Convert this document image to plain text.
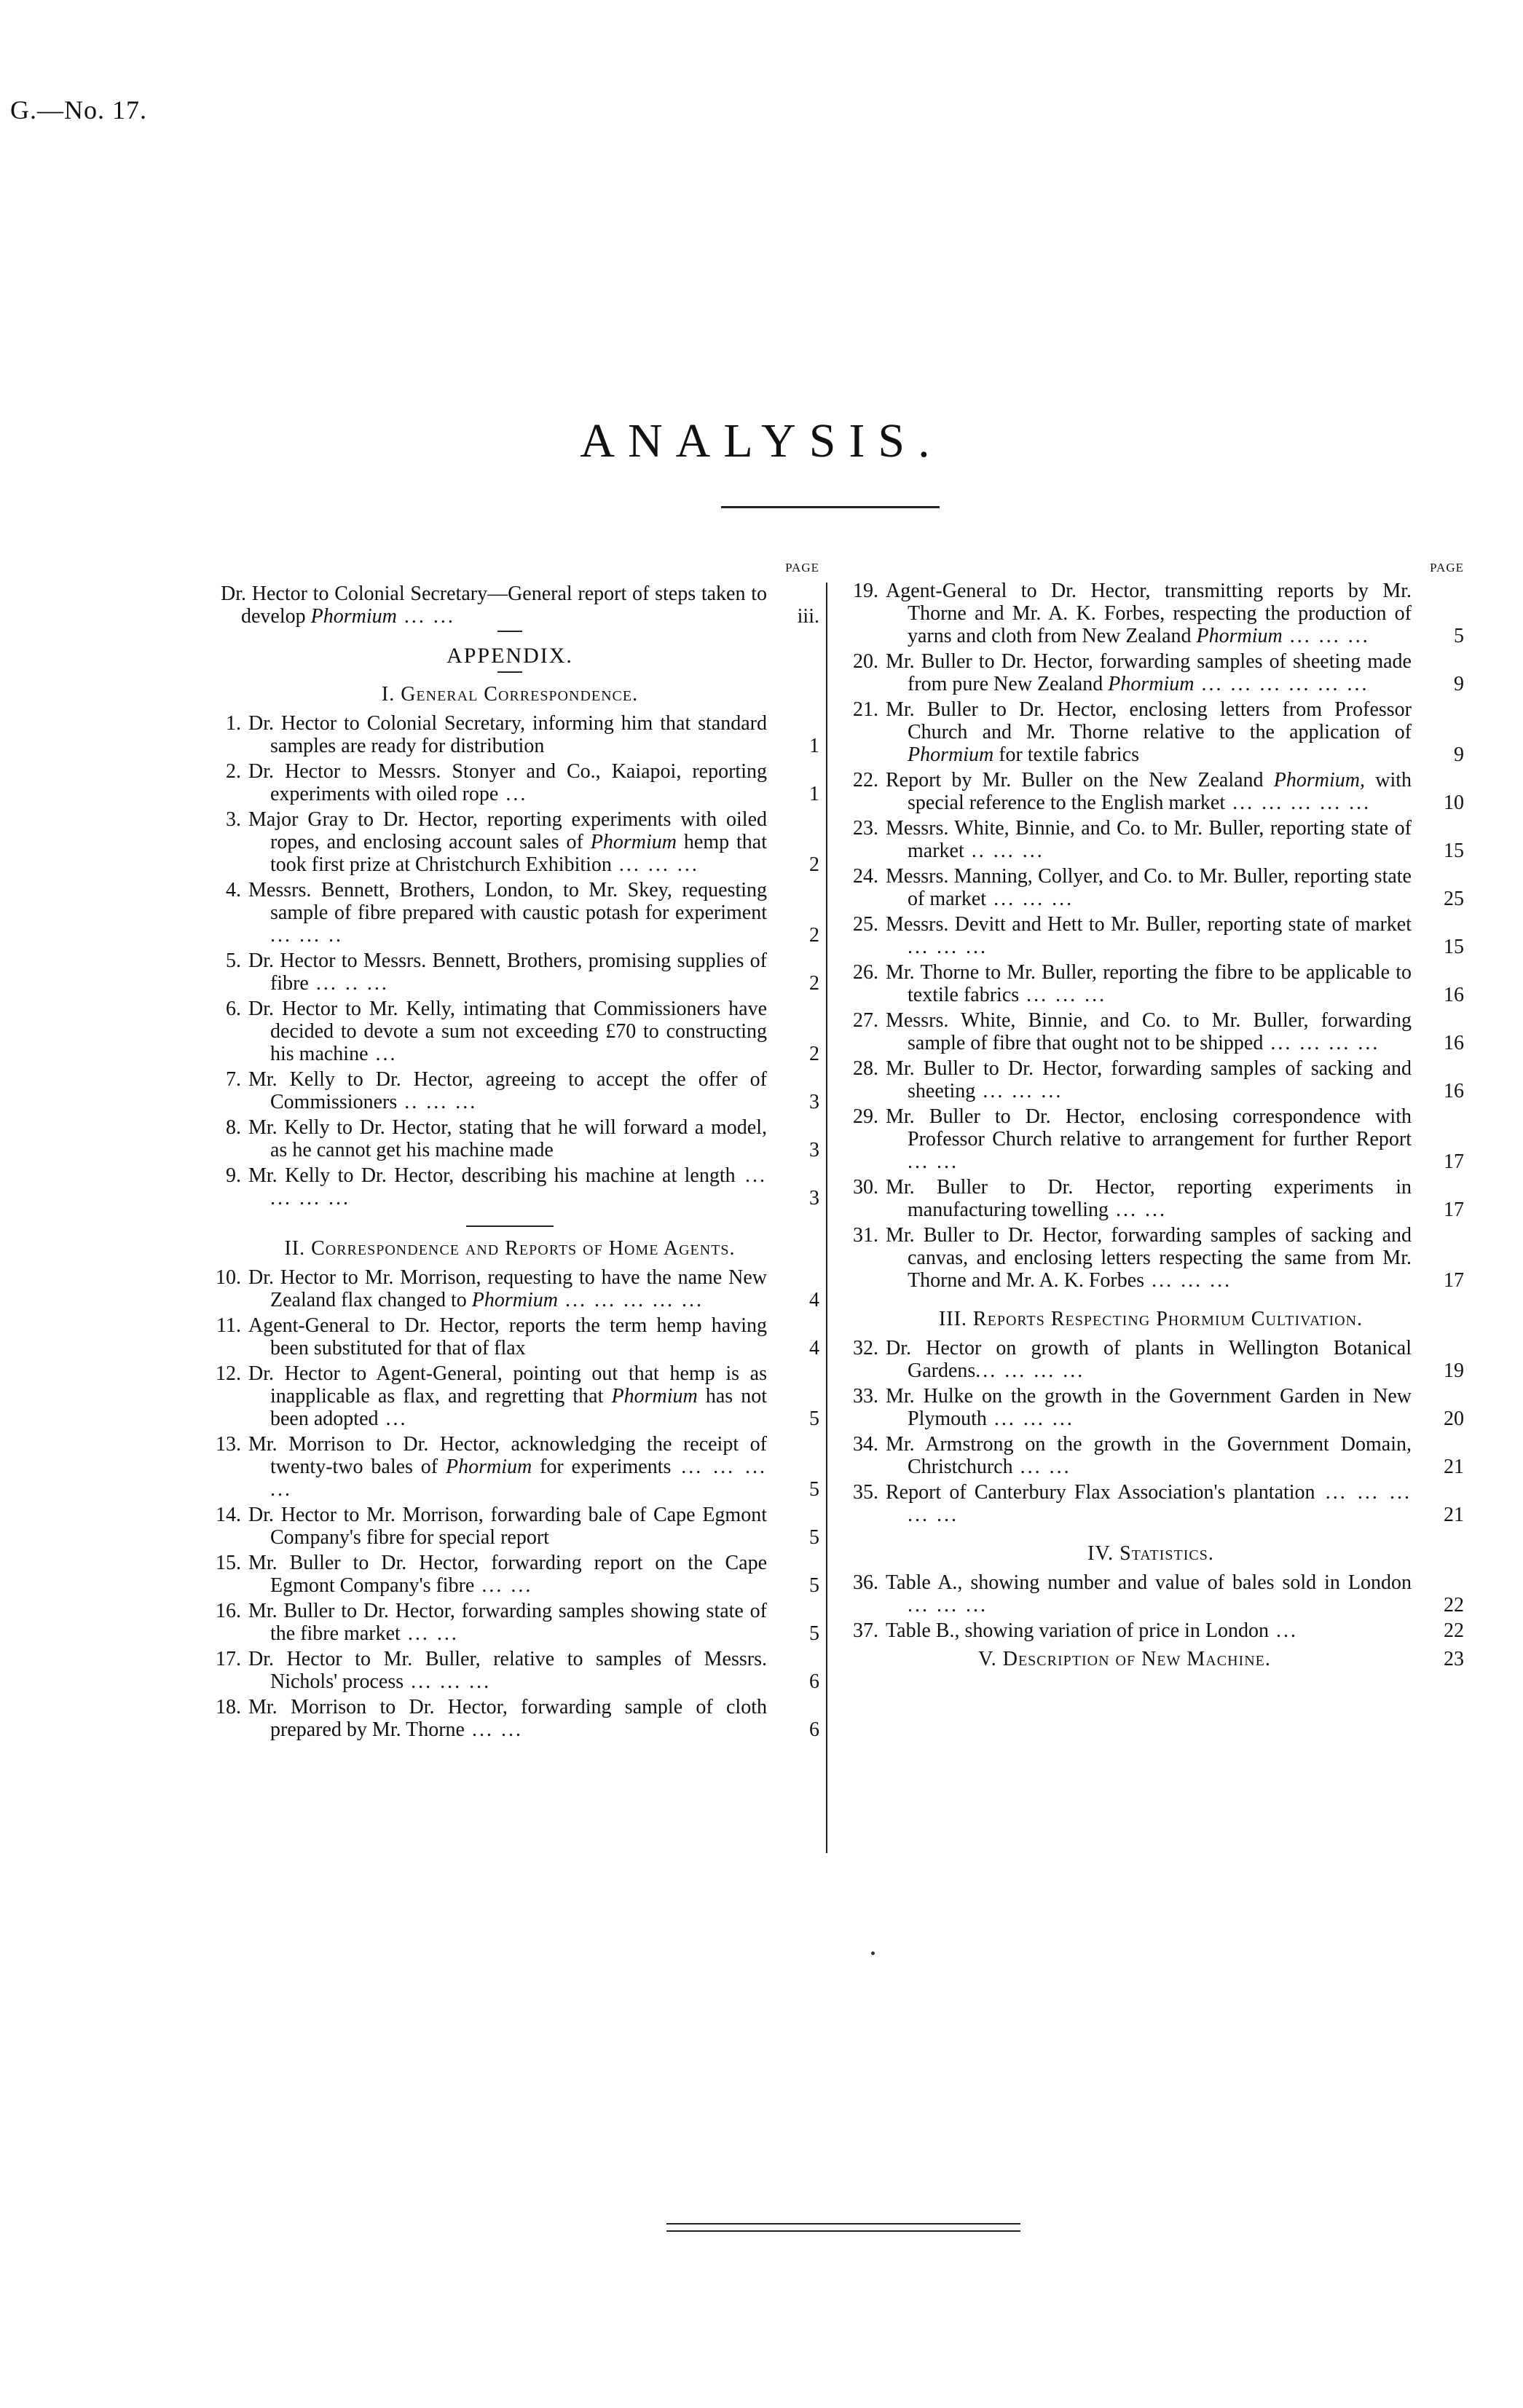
G.—No. 17.
ANALYSIS.
PAGE
Dr. Hector to Colonial Secretary—General report of steps taken to develop Phormium ... ...	iii.
APPENDIX.
I. General Correspondence.
1. Dr. Hector to Colonial Secretary, informing him that standard samples are ready for distribution	1
2. Dr. Hector to Messrs. Stonyer and Co., Kaiapoi, reporting experiments with oiled rope ...	1
3. Major Gray to Dr. Hector, reporting experiments with oiled ropes, and enclosing account sales of Phormium hemp that took first prize at Christchurch Exhibition ... ... ...	2
4. Messrs. Bennett, Brothers, London, to Mr. Skey, requesting sample of fibre prepared with caustic potash for experiment ... ... ..	2
5. Dr. Hector to Messrs. Bennett, Brothers, promising supplies of fibre ... .. ...	2
6. Dr. Hector to Mr. Kelly, intimating that Commissioners have decided to devote a sum not exceeding £70 to constructing his machine ...	2
7. Mr. Kelly to Dr. Hector, agreeing to accept the offer of Commissioners .. ... ...	3
8. Mr. Kelly to Dr. Hector, stating that he will forward a model, as he cannot get his machine made	3
9. Mr. Kelly to Dr. Hector, describing his machine at length ... ... ... ...	3
II. Correspondence and Reports of Home Agents.
10. Dr. Hector to Mr. Morrison, requesting to have the name New Zealand flax changed to Phormium ... ... ... ... ...	4
11. Agent-General to Dr. Hector, reports the term hemp having been substituted for that of flax	4
12. Dr. Hector to Agent-General, pointing out that hemp is as inapplicable as flax, and regretting that Phormium has not been adopted ...	5
13. Mr. Morrison to Dr. Hector, acknowledging the receipt of twenty-two bales of Phormium for experiments ... ... ... ...	5
14. Dr. Hector to Mr. Morrison, forwarding bale of Cape Egmont Company's fibre for special report	5
15. Mr. Buller to Dr. Hector, forwarding report on the Cape Egmont Company's fibre ... ...	5
16. Mr. Buller to Dr. Hector, forwarding samples showing state of the fibre market ... ...	5
17. Dr. Hector to Mr. Buller, relative to samples of Messrs. Nichols' process ... ... ...	6
18. Mr. Morrison to Dr. Hector, forwarding sample of cloth prepared by Mr. Thorne ... ...	6
PAGE
19. Agent-General to Dr. Hector, transmitting reports by Mr. Thorne and Mr. A. K. Forbes, respecting the production of yarns and cloth from New Zealand Phormium ... ... ...	5
20. Mr. Buller to Dr. Hector, forwarding samples of sheeting made from pure New Zealand Phormium ... ... ... ... ... ...	9
21. Mr. Buller to Dr. Hector, enclosing letters from Professor Church and Mr. Thorne relative to the application of Phormium for textile fabrics	9
22. Report by Mr. Buller on the New Zealand Phormium, with special reference to the English market ... ... ... ... ...	10
23. Messrs. White, Binnie, and Co. to Mr. Buller, reporting state of market .. ... ...	15
24. Messrs. Manning, Collyer, and Co. to Mr. Buller, reporting state of market ... ... ...	25
25. Messrs. Devitt and Hett to Mr. Buller, reporting state of market ... ... ...	15
26. Mr. Thorne to Mr. Buller, reporting the fibre to be applicable to textile fabrics ... ... ...	16
27. Messrs. White, Binnie, and Co. to Mr. Buller, forwarding sample of fibre that ought not to be shipped ... ... ... ...	16
28. Mr. Buller to Dr. Hector, forwarding samples of sacking and sheeting ... ... ...	16
29. Mr. Buller to Dr. Hector, enclosing correspondence with Professor Church relative to arrangement for further Report ... ...	17
30. Mr. Buller to Dr. Hector, reporting experiments in manufacturing towelling ... ...	17
31. Mr. Buller to Dr. Hector, forwarding samples of sacking and canvas, and enclosing letters respecting the same from Mr. Thorne and Mr. A. K. Forbes ... ... ...	17
III. Reports Respecting Phormium Cultivation.
32. Dr. Hector on growth of plants in Wellington Botanical Gardens... ... ... ...	19
33. Mr. Hulke on the growth in the Government Garden in New Plymouth ... ... ...	20
34. Mr. Armstrong on the growth in the Government Domain, Christchurch ... ...	21
35. Report of Canterbury Flax Association's plantation ... ... ... ... ...	21
IV. Statistics.
36. Table A., showing number and value of bales sold in London ... ... ...	22
37. Table B., showing variation of price in London ...	22
V. Description of New Machine.	23
